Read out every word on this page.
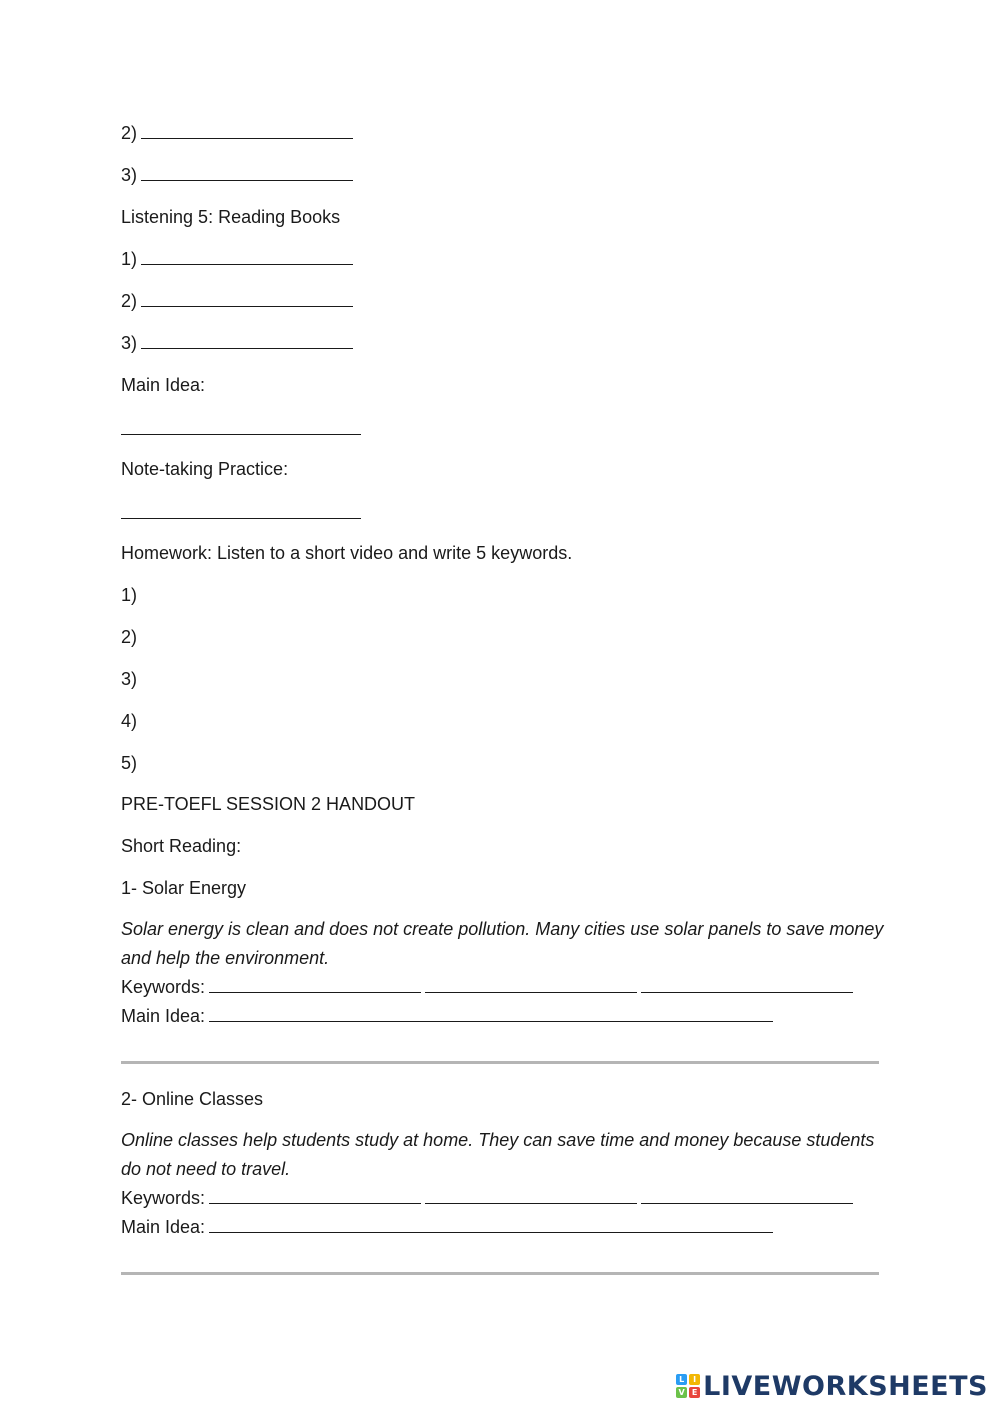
2)
3)
Listening 5: Reading Books
1)
2)
3)
Main Idea:
Note-taking Practice:
Homework: Listen to a short video and write 5 keywords.
1)
2)
3)
4)
5)
PRE-TOEFL SESSION 2 HANDOUT
Short Reading:
1- Solar Energy
Solar energy is clean and does not create pollution. Many cities use solar panels to save money and help the environment.
Keywords:
Main Idea:
2- Online Classes
Online classes help students study at home. They can save time and money because students do not need to travel.
Keywords:
Main Idea:
L	I
V E LIVEWORKSHEETS
